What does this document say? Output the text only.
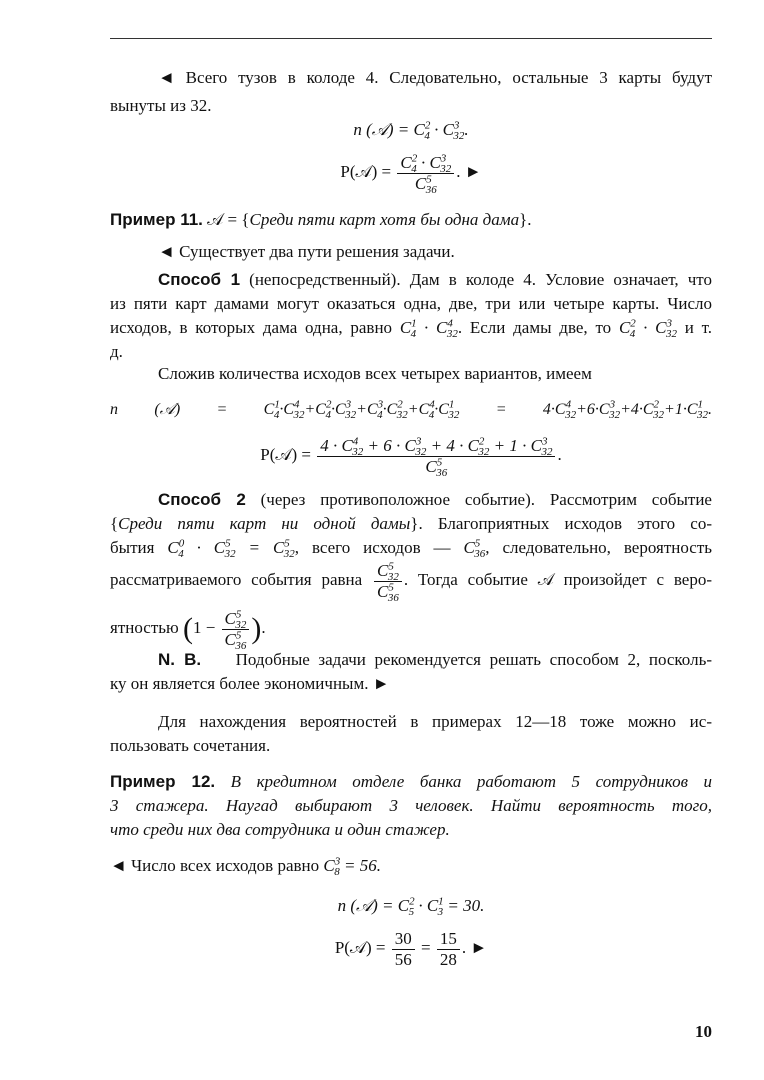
◄ Всего тузов в колоде 4. Следовательно, остальные 3 карты будут
вынуты из 32.
n (𝒜) = $C^2_4 \cdot C^3_{32}$.
P(𝒜) = $\frac{C^2_4 \cdot C^3_{32}}{C^5_{36}}$ . ►
Пример 11. 𝒜 = {Среди пяти карт хотя бы одна дама}.
◄ Существует два пути решения задачи.
Способ 1 (непосредственный). Дам в колоде 4. Условие означает, что
из пяти карт дамами могут оказаться одна, две, три или четыре карты. Число
исходов, в которых дама одна, равно $C^1_4 \cdot C^4_{32}$. Если дамы две, то $C^2_4 \cdot C^3_{32}$ и т.
д.
Сложив количества исходов всех четырех вариантов, имеем
n (𝒜) = $C^1_4\cdot C^4_{32}+C^2_4\cdot C^3_{32}+C^3_4\cdot C^2_{32}+C^4_4\cdot C^1_{32} = 4\cdot C^4_{32}+6\cdot C^3_{32}+4\cdot C^2_{32}+1\cdot C^1_{32}$.
P(𝒜) = $\frac{4 \cdot C^4_{32} + 6 \cdot C^3_{32} + 4 \cdot C^2_{32} + 1 \cdot C^3_{32}}{C^5_{36}}$ .
Способ 2 (через противоположное событие). Рассмотрим событие
{Среди пяти карт ни одной дамы}. Благоприятных исходов этого со-
бытия $C^0_4 \cdot C^5_{32} = C^5_{32}$, всего исходов — $C^5_{36}$, следовательно, вероятность
рассматриваемого события равна $\frac{C^5_{32}}{C^5_{36}}$ . Тогда событие 𝒜 произойдет с веро-
ятностью ($1 - \frac{C^5_{32}}{C^5_{36}}$ ).
N. B.    Подобные задачи рекомендуется решать способом 2, посколь-
ку он является более экономичным. ►
Для нахождения вероятностей в примерах 12—18 тоже можно ис-
пользовать сочетания.
Пример 12. В кредитном отделе банка работают 5 сотрудников и
3 стажера. Наугад выбирают 3 человек. Найти вероятность того,
что среди них два сотрудника и один стажер.
◄ Число всех исходов равно $C^3_8 = 56$.
n (𝒜) = $C^2_5 \cdot C^1_3 = 30$.
P(𝒜) = $\frac{30}{56} = \frac{15}{28}$ . ►
10
